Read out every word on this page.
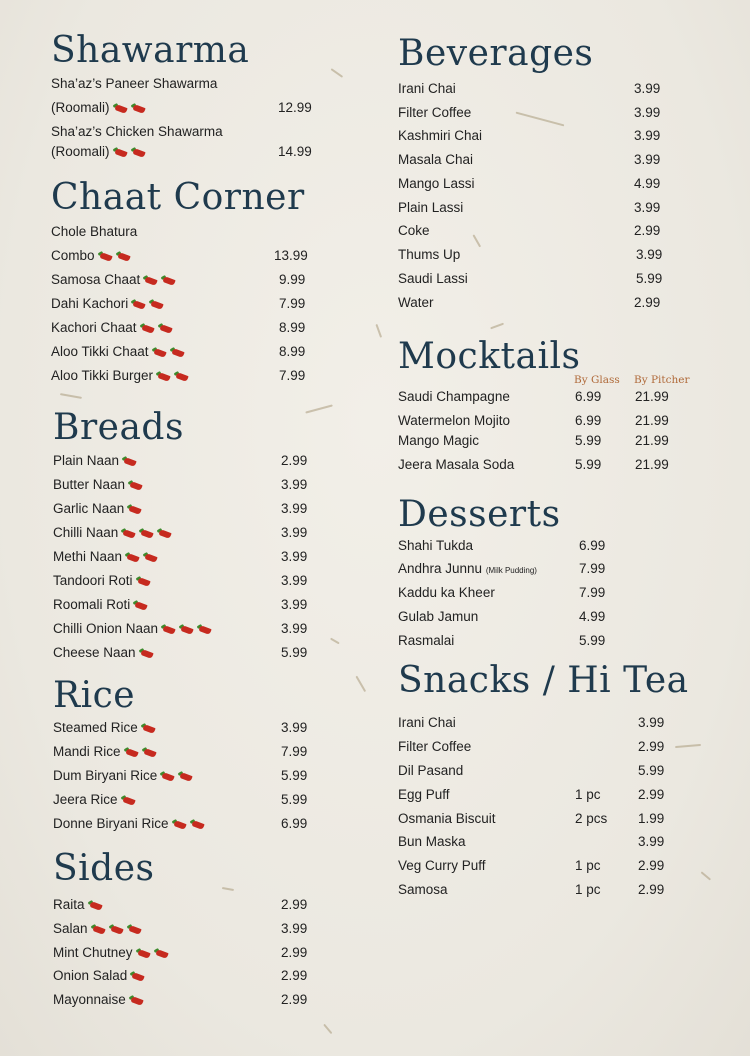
Shawarma
Sha’az’s Paneer Shawarma
(Roomali)	12.99
Sha’az’s Chicken Shawarma
(Roomali)	14.99
Chaat Corner
Chole Bhatura
Combo	13.99
Samosa Chaat	9.99
Dahi Kachori	7.99
Kachori Chaat	8.99
Aloo Tikki Chaat	8.99
Aloo Tikki Burger	7.99
Breads
Plain Naan	2.99
Butter Naan	3.99
Garlic Naan	3.99
Chilli Naan	3.99
Methi Naan	3.99
Tandoori Roti	3.99
Roomali Roti	3.99
Chilli Onion Naan	3.99
Cheese Naan	5.99
Rice
Steamed Rice	3.99
Mandi Rice	7.99
Dum Biryani Rice	5.99
Jeera Rice	5.99
Donne Biryani Rice	6.99
Sides
Raita	2.99
Salan	3.99
Mint Chutney	2.99
Onion Salad	2.99
Mayonnaise	2.99
Beverages
Irani Chai	3.99
Filter Coffee	3.99
Kashmiri Chai	3.99
Masala Chai	3.99
Mango Lassi	4.99
Plain Lassi	3.99
Coke	2.99
Thums Up	3.99
Saudi Lassi	5.99
Water	2.99
Mocktails
By Glass By Pitcher
Saudi Champagne	6.99 21.99
Watermelon Mojito	6.99 21.99
Mango Magic	5.99 21.99
Jeera Masala Soda	5.99 21.99
Desserts
Shahi Tukda	6.99
Andhra Junnu (Milk Pudding)	7.99
Kaddu ka Kheer	7.99
Gulab Jamun	4.99
Rasmalai	5.99
Snacks / Hi Tea
Irani Chai	3.99
Filter Coffee	2.99
Dil Pasand	5.99
Egg Puff	1 pc	2.99
Osmania Biscuit	2 pcs 1.99
Bun Maska	3.99
Veg Curry Puff	1 pc	2.99
Samosa	1 pc	2.99
